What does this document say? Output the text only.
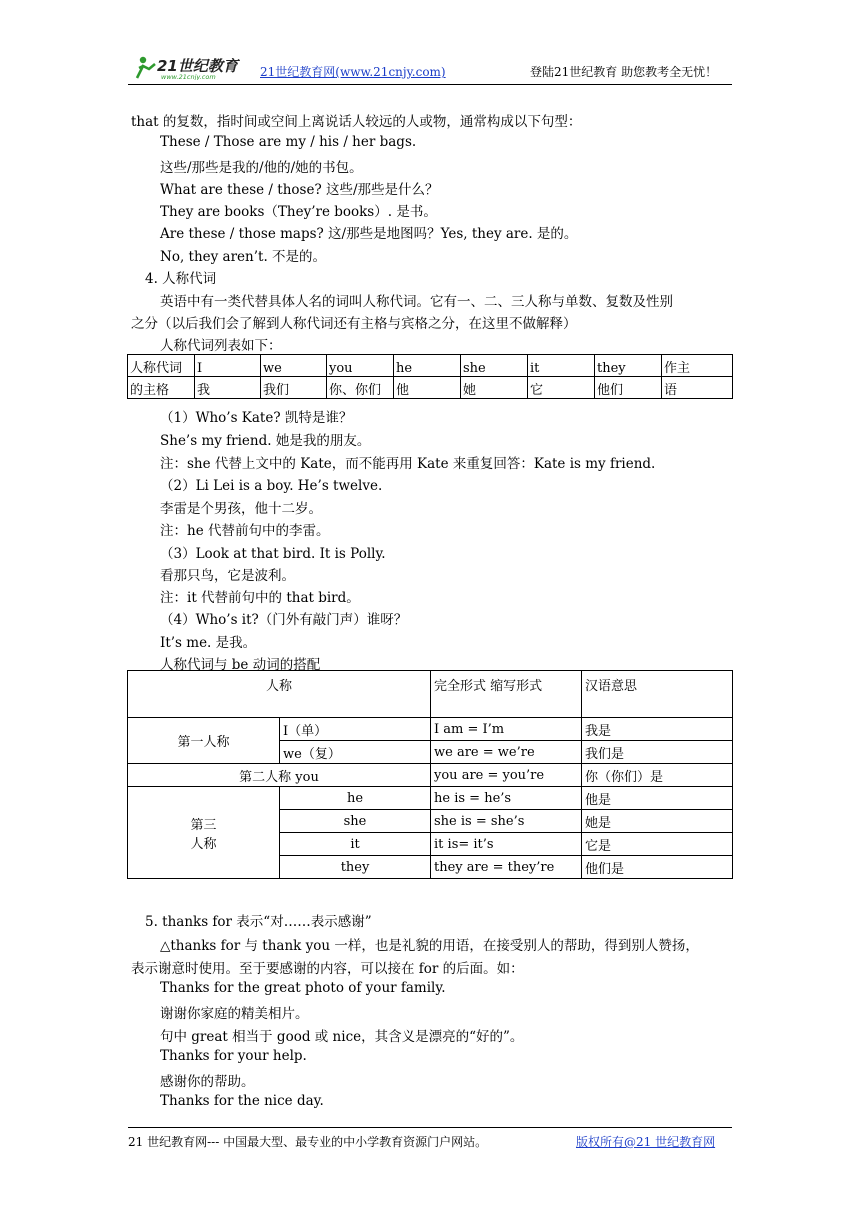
21世纪教育
www.21cnjy.com	21世纪教育网(www.21cnjy.com)	登陆21世纪教育 助您教考全无忧！
that 的复数，指时间或空间上离说话人较远的人或物，通常构成以下句型：
These / Those are my / his / her bags.
这些/那些是我的/他的/她的书包。
What are these / those? 这些/那些是什么？
They are books（They’re books）. 是书。
Are these / those maps? 这/那些是地图吗？Yes, they are. 是的。
No, they aren’t. 不是的。
4. 人称代词
英语中有一类代替具体人名的词叫人称代词。它有一、二、三人称与单数、复数及性别
之分（以后我们会了解到人称代词还有主格与宾格之分，在这里不做解释）
人称代词列表如下：
人称代词	I	we	you	he	she	it	they	作主
的主格	我	我们	你、你们	他	她	它	他们	语
（1）Who’s Kate? 凯特是谁？
She’s my friend. 她是我的朋友。
注：she 代替上文中的 Kate，而不能再用 Kate 来重复回答：Kate is my friend.
（2）Li Lei is a boy. He’s twelve.
李雷是个男孩，他十二岁。
注：he 代替前句中的李雷。
（3）Look at that bird. It is Polly.
看那只鸟，它是波利。
注：it 代替前句中的 that bird。
（4）Who’s it?（门外有敲门声）谁呀？
It’s me. 是我。
人称代词与 be 动词的搭配
人称		完全形式 缩写形式	汉语意思
第一人称	I（单）	I am = I’m	我是
	we（复）	we are = we’re	我们是
第二人称 you		you are = you’re	你（你们）是
第三
人称	he	he is = he’s	他是
	she	she is = she’s	她是
	it	it is= it’s	它是
	they	they are = they’re	他们是
5. thanks for 表示“对……表示感谢”
△thanks for 与 thank you 一样，也是礼貌的用语，在接受别人的帮助，得到别人赞扬，
表示谢意时使用。至于要感谢的内容，可以接在 for 的后面。如：
Thanks for the great photo of your family.
谢谢你家庭的精美相片。
句中 great 相当于 good 或 nice，其含义是漂亮的“好的”。
Thanks for your help.
感谢你的帮助。
Thanks for the nice day.
21 世纪教育网--- 中国最大型、最专业的中小学教育资源门户网站。	版权所有@21 世纪教育网
